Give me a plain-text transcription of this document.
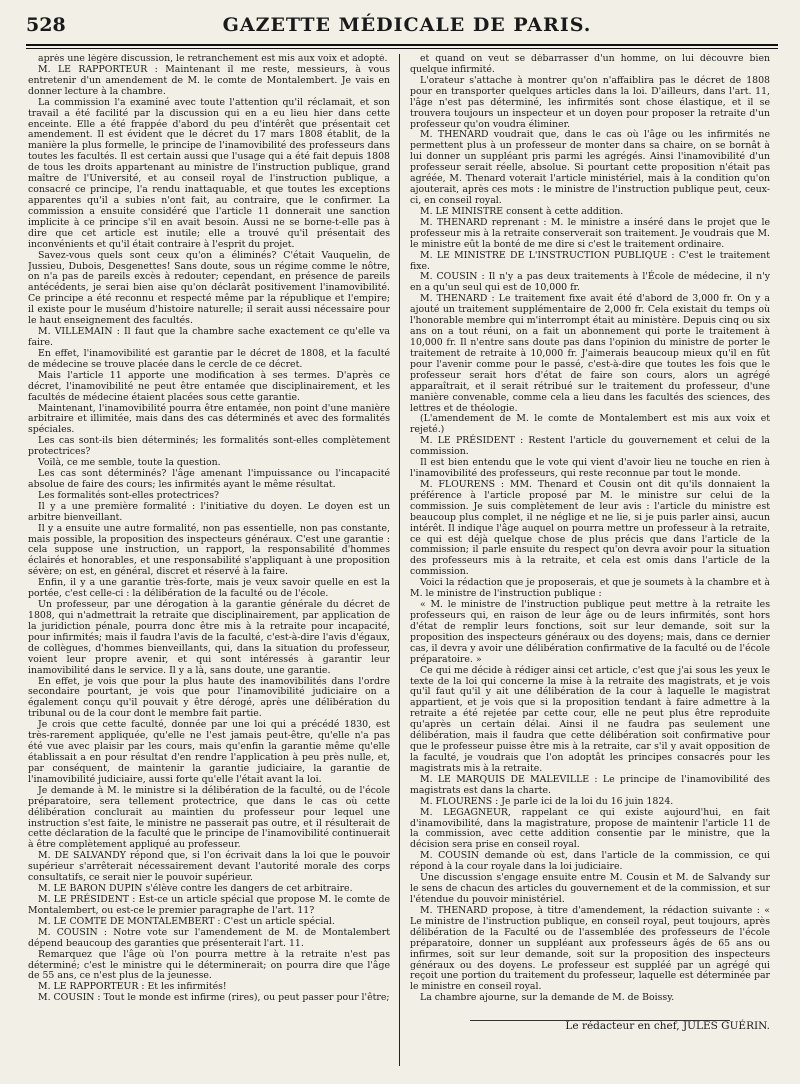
528	GAZETTE MÉDICALE DE PARIS.

après une légère discussion, le retranchement est mis aux voix et adopté.

M. LE RAPPORTEUR : Maintenant il me reste, messieurs, à vous entretenir d'un amendement de M. le comte de Montalembert. Je vais en donner lecture à la chambre.

La commission l'a examiné avec toute l'attention qu'il réclamait, et son travail a été facilité par la discussion qui en a eu lieu hier dans cette enceinte. Elle a été frappée d'abord du peu d'intérêt que présentait cet amendement. Il est évident que le décret du 17 mars 1808 établit, de la manière la plus formelle, le principe de l'inamovibilité des professeurs dans toutes les facultés. Il est certain aussi que l'usage qui a été fait depuis 1808 de tous les droits appartenant au ministre de l'instruction publique, grand maître de l'Université, et au conseil royal de l'instruction publique, a consacré ce principe, l'a rendu inattaquable, et que toutes les exceptions apparentes qu'il a subies n'ont fait, au contraire, que le confirmer. La commission a ensuite considéré que l'article 11 donnerait une sanction implicite à ce principe s'il en avait besoin. Aussi ne se borne-t-elle pas à dire que cet article est inutile; elle a trouvé qu'il présentait des inconvénients et qu'il était contraire à l'esprit du projet.

Savez-vous quels sont ceux qu'on a éliminés? C'était Vauquelin, de Jussieu, Dubois, Desgenettes! Sans doute, sous un régime comme le nôtre, on n'a pas de pareils excès à redouter; cependant, en présence de pareils antécédents, je serai bien aise qu'on déclarât positivement l'inamovibilité. Ce principe a été reconnu et respecté même par la république et l'empire; il existe pour le muséum d'histoire naturelle; il serait aussi nécessaire pour le haut enseignement des facultés.

M. VILLEMAIN : Il faut que la chambre sache exactement ce qu'elle va faire.

En effet, l'inamovibilité est garantie par le décret de 1808, et la faculté de médecine se trouve placée dans le cercle de ce décret.

Mais l'article 11 apporte une modification à ses termes. D'après ce décret, l'inamovibilité ne peut être entamée que disciplinairement, et les facultés de médecine étaient placées sous cette garantie.

Maintenant, l'inamovibilité pourra être entamée, non point d'une manière arbitraire et illimitée, mais dans des cas déterminés et avec des formalités spéciales.

Les cas sont-ils bien déterminés; les formalités sont-elles complètement protectrices?

Voilà, ce me semble, toute la question.

Les cas sont déterminés? l'âge amenant l'impuissance ou l'incapacité absolue de faire des cours; les infirmités ayant le même résultat.

Les formalités sont-elles protectrices?

Il y a une première formalité : l'initiative du doyen. Le doyen est un arbitre bienveillant.

Il y a ensuite une autre formalité, non pas essentielle, non pas constante, mais possible, la proposition des inspecteurs généraux. C'est une garantie : cela suppose une instruction, un rapport, la responsabilité d'hommes éclairés et honorables, et une responsabilité s'appliquant à une proposition sévère; on est, en général, discret et réservé à la faire.

Enfin, il y a une garantie très-forte, mais je veux savoir quelle en est la portée, c'est celle-ci : la délibération de la faculté ou de l'école.

Un professeur, par une dérogation à la garantie générale du décret de 1808, qui n'admettrait la retraite que disciplinairement, par application de la juridiction pénale, pourra donc être mis à la retraite pour incapacité, pour infirmités; mais il faudra l'avis de la faculté, c'est-à-dire l'avis d'égaux, de collègues, d'hommes bienveillants, qui, dans la situation du professeur, voient leur propre avenir, et qui sont intéressés à garantir leur inamovibilité dans le service. Il y a là, sans doute, une garantie.

En effet, je vois que pour la plus haute des inamovibilités dans l'ordre secondaire pourtant, je vois que pour l'inamovibilité judiciaire on a également conçu qu'il pouvait y être dérogé, après une délibération du tribunal ou de la cour dont le membre fait partie.

Je crois que cette faculté, donnée par une loi qui a précédé 1830, est très-rarement appliquée, qu'elle ne l'est jamais peut-être, qu'elle n'a pas été vue avec plaisir par les cours, mais qu'enfin la garantie même qu'elle établissait a en pour résultat d'en rendre l'application à peu près nulle, et, par conséquent, de maintenir la garantie judiciaire, la garantie de l'inamovibilité judiciaire, aussi forte qu'elle l'était avant la loi.

Je demande à M. le ministre si la délibération de la faculté, ou de l'école préparatoire, sera tellement protectrice, que dans le cas où cette délibération conclurait au maintien du professeur pour lequel une instruction s'est faite, le ministre ne passerait pas outre, et il résulterait de cette déclaration de la faculté que le principe de l'inamovibilité continuerait à être complètement appliqué au professeur.

M. DE SALVANDY répond que, si l'on écrivait dans la loi que le pouvoir supérieur s'arrêterait nécessairement devant l'autorité morale des corps consultatifs, ce serait nier le pouvoir supérieur.

M. LE BARON DUPIN s'élève contre les dangers de cet arbitraire.

M. LE PRÉSIDENT : Est-ce un article spécial que propose M. le comte de Montalembert, ou est-ce le premier paragraphe de l'art. 11?

M. LE COMTE DE MONTALEMBERT : C'est un article spécial.

M. COUSIN : Notre vote sur l'amendement de M. de Montalembert dépend beaucoup des garanties que présenterait l'art. 11.

Remarquez que l'âge où l'on pourra mettre à la retraite n'est pas déterminé; c'est le ministre qui le déterminerait; on pourra dire que l'âge de 55 ans, ce n'est plus de la jeunesse.

M. LE RAPPORTEUR : Et les infirmités!

M. COUSIN : Tout le monde est infirme (rires), ou peut passer pour l'être;

et quand on veut se débarrasser d'un homme, on lui découvre bien quelque infirmité.

L'orateur s'attache à montrer qu'on n'affaiblira pas le décret de 1808 pour en transporter quelques articles dans la loi. D'ailleurs, dans l'art. 11, l'âge n'est pas déterminé, les infirmités sont chose élastique, et il se trouvera toujours un inspecteur et un doyen pour proposer la retraite d'un professeur qu'on voudra éliminer.

M. THENARD voudrait que, dans le cas où l'âge ou les infirmités ne permettent plus à un professeur de monter dans sa chaire, on se bornât à lui donner un suppléant pris parmi les agrégés. Ainsi l'inamovibilité d'un professeur serait réelle, absolue. Si pourtant cette proposition n'était pas agréée, M. Thenard voterait l'article ministériel, mais à la condition qu'on ajouterait, après ces mots : le ministre de l'instruction publique peut, ceux-ci, en conseil royal.

M. LE MINISTRE consent à cette addition.

M. THENARD reprenant : M. le ministre a inséré dans le projet que le professeur mis à la retraite conserverait son traitement. Je voudrais que M. le ministre eût la bonté de me dire si c'est le traitement ordinaire.

M. LE MINISTRE DE L'INSTRUCTION PUBLIQUE : C'est le traitement fixe.

M. COUSIN : Il n'y a pas deux traitements à l'École de médecine, il n'y en a qu'un seul qui est de 10,000 fr.

M. THENARD : Le traitement fixe avait été d'abord de 3,000 fr. On y a ajouté un traitement supplémentaire de 2,000 fr. Cela existait du temps où l'honorable membre qui m'interrompt était au ministère. Depuis cinq ou six ans on a tout réuni, on a fait un abonnement qui porte le traitement à 10,000 fr. Il n'entre sans doute pas dans l'opinion du ministre de porter le traitement de retraite à 10,000 fr. J'aimerais beaucoup mieux qu'il en fût pour l'avenir comme pour le passé, c'est-à-dire que toutes les fois que le professeur serait hors d'état de faire son cours, alors un agrégé apparaîtrait, et il serait rétribué sur le traitement du professeur, d'une manière convenable, comme cela a lieu dans les facultés des sciences, des lettres et de théologie.

(L'amendement de M. le comte de Montalembert est mis aux voix et rejeté.)

M. LE PRÉSIDENT : Restent l'article du gouvernement et celui de la commission.

Il est bien entendu que le vote qui vient d'avoir lieu ne touche en rien à l'inamovibilité des professeurs, qui reste reconnue par tout le monde.

M. FLOURENS : MM. Thenard et Cousin ont dit qu'ils donnaient la préférence à l'article proposé par M. le ministre sur celui de la commission. Je suis complètement de leur avis : l'article du ministre est beaucoup plus complet, il ne néglige et ne lie, si je puis parler ainsi, aucun intérêt. Il indique l'âge auquel on pourra mettre un professeur à la retraite, ce qui est déjà quelque chose de plus précis que dans l'article de la commission; il parle ensuite du respect qu'on devra avoir pour la situation des professeurs mis à la retraite, et cela est omis dans l'article de la commission.

Voici la rédaction que je proposerais, et que je soumets à la chambre et à M. le ministre de l'instruction publique :

« M. le ministre de l'instruction publique peut mettre à la retraite les professeurs qui, en raison de leur âge ou de leurs infirmités, sont hors d'état de remplir leurs fonctions, soit sur leur demande, soit sur la proposition des inspecteurs généraux ou des doyens; mais, dans ce dernier cas, il devra y avoir une délibération confirmative de la faculté ou de l'école préparatoire. »

Ce qui me décide à rédiger ainsi cet article, c'est que j'ai sous les yeux le texte de la loi qui concerne la mise à la retraite des magistrats, et je vois qu'il faut qu'il y ait une délibération de la cour à laquelle le magistrat appartient, et je vois que si la proposition tendant à faire admettre à la retraite a été rejetée par cette cour, elle ne peut plus être reproduite qu'après un certain délai. Ainsi il ne faudra pas seulement une délibération, mais il faudra que cette délibération soit confirmative pour que le professeur puisse être mis à la retraite, car s'il y avait opposition de la faculté, je voudrais que l'on adoptât les principes consacrés pour les magistrats mis à la retraite.

M. LE MARQUIS DE MALEVILLE : Le principe de l'inamovibilité des magistrats est dans la charte.

M. FLOURENS : Je parle ici de la loi du 16 juin 1824.

M. LEGAGNEUR, rappelant ce qui existe aujourd'hui, en fait d'inamovibilité, dans la magistrature, propose de maintenir l'article 11 de la commission, avec cette addition consentie par le ministre, que la décision sera prise en conseil royal.

M. COUSIN demande où est, dans l'article de la commission, ce qui répond à la cour royale dans la loi judiciaire.

Une discussion s'engage ensuite entre M. Cousin et M. de Salvandy sur le sens de chacun des articles du gouvernement et de la commission, et sur l'étendue du pouvoir ministériel.

M. THENARD propose, à titre d'amendement, la rédaction suivante : « Le ministre de l'instruction publique, en conseil royal, peut toujours, après délibération de la Faculté ou de l'assemblée des professeurs de l'école préparatoire, donner un suppléant aux professeurs âgés de 65 ans ou infirmes, soit sur leur demande, soit sur la proposition des inspecteurs généraux ou des doyens. Le professeur est suppléé par un agrégé qui reçoit une portion du traitement du professeur, laquelle est déterminée par le ministre en conseil royal.

La chambre ajourne, sur la demande de M. de Boissy.

Le rédacteur en chef, JULES GUÉRIN.
